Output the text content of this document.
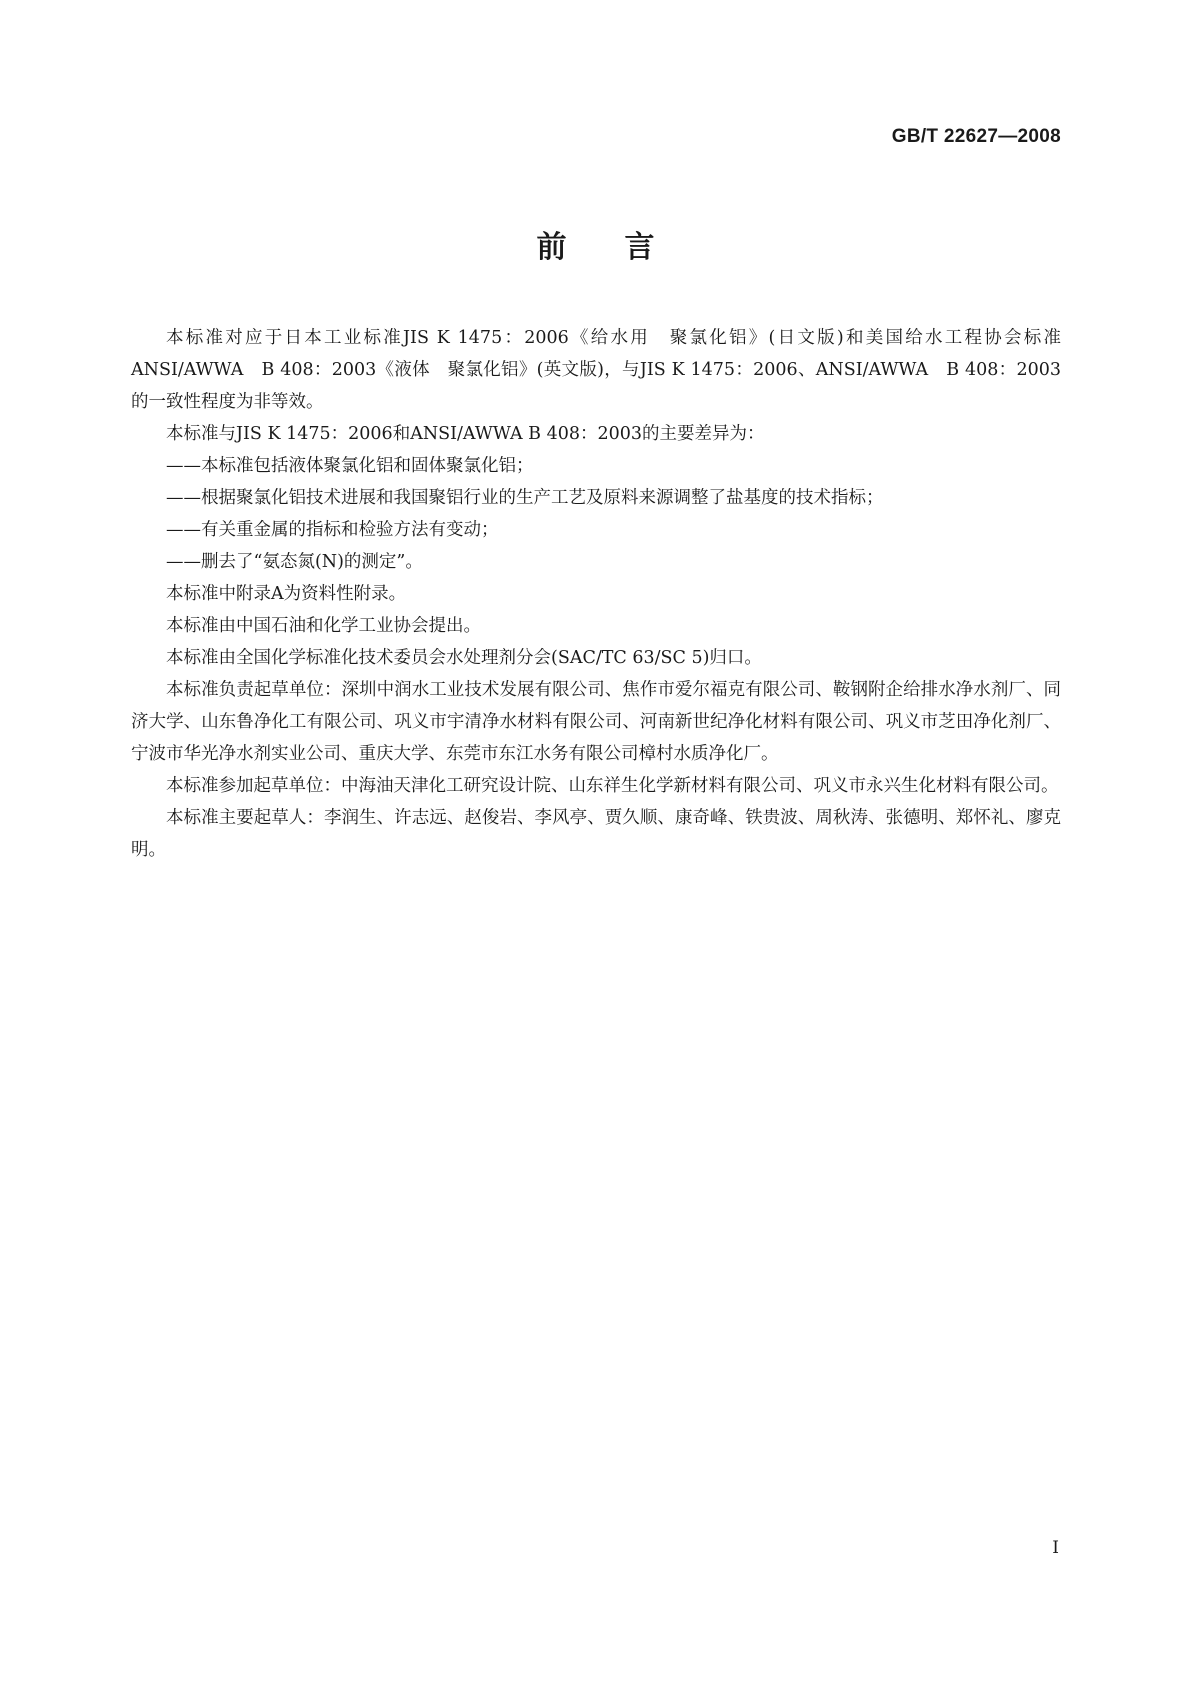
GB/T 22627—2008
前言

本标准对应于日本工业标准JIS K 1475：2006《给水用　聚氯化铝》(日文版)和美国给水工程协会标准ANSI/AWWA　B 408：2003《液体　聚氯化铝》(英文版)，与JIS K 1475：2006、ANSI/AWWA　B 408：2003的一致性程度为非等效。

本标准与JIS K 1475：2006和ANSI/AWWA B 408：2003的主要差异为：

——本标准包括液体聚氯化铝和固体聚氯化铝；

——根据聚氯化铝技术进展和我国聚铝行业的生产工艺及原料来源调整了盐基度的技术指标；

——有关重金属的指标和检验方法有变动；

——删去了“氨态氮(N)的测定”。

本标准中附录A为资料性附录。

本标准由中国石油和化学工业协会提出。

本标准由全国化学标准化技术委员会水处理剂分会(SAC/TC 63/SC 5)归口。

本标准负责起草单位：深圳中润水工业技术发展有限公司、焦作市爱尔福克有限公司、鞍钢附企给排水净水剂厂、同济大学、山东鲁净化工有限公司、巩义市宇清净水材料有限公司、河南新世纪净化材料有限公司、巩义市芝田净化剂厂、宁波市华光净水剂实业公司、重庆大学、东莞市东江水务有限公司樟村水质净化厂。

本标准参加起草单位：中海油天津化工研究设计院、山东祥生化学新材料有限公司、巩义市永兴生化材料有限公司。

本标准主要起草人：李润生、许志远、赵俊岩、李风亭、贾久顺、康奇峰、铁贵波、周秋涛、张德明、郑怀礼、廖克明。

I
